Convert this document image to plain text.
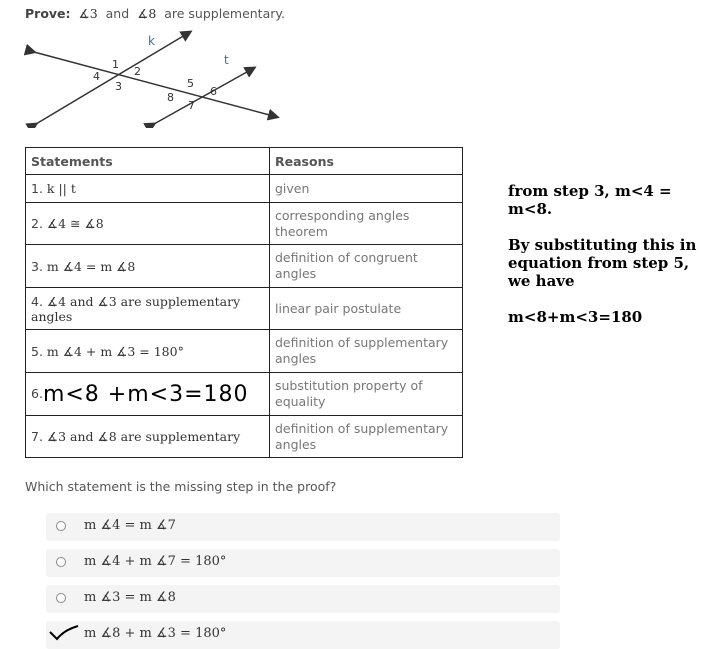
Prove: ∡3 and ∡8 are supplementary.
k
t
1
2
3
4
5
6
7
8
Statements	Reasons
1. k || t	given
2. ∡4 ≅ ∡8	corresponding angles theorem
3. m ∡4 = m ∡8	definition of congruent angles
4. ∡4 and ∡3 are supplementary angles	linear pair postulate
5. m ∡4 + m ∡3 = 180°	definition of supplementary angles
6.m<8 +m<3=180	substitution property of equality
7. ∡3 and ∡8 are supplementary	definition of supplementary angles

from step 3, m<4 = m<8.

By substituting this in equation from step 5, we have

m<8+m<3=180

Which statement is the missing step in the proof?
m ∡4 = m ∡7
m ∡4 + m ∡7 = 180°
m ∡3 = m ∡8
m ∡8 + m ∡3 = 180°
